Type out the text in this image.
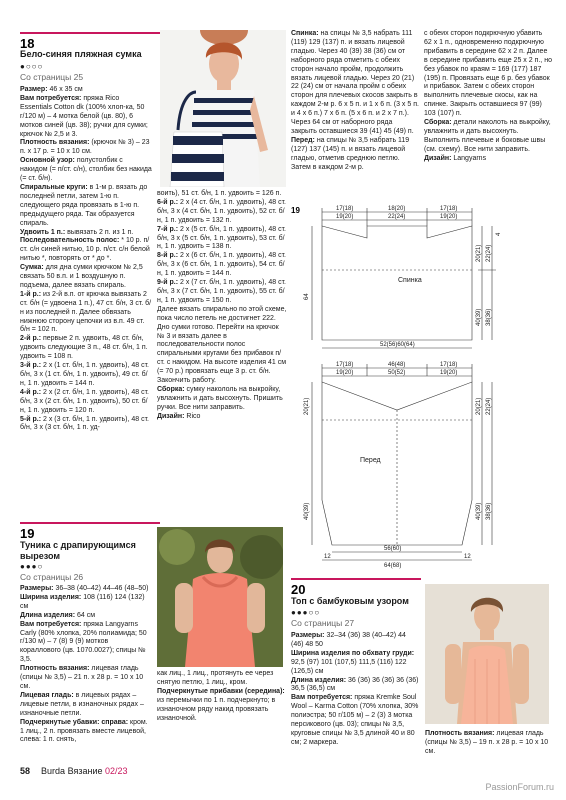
18
Бело-синяя пляжная сумка
●○○○
Со страницы 25
Размер: 46 х 35 см
Вам потребуется: пряжа Rico Essentials Cotton dk (100% хлоп-ка, 50 г/120 м) – 4 мотка белой (цв. 80), 6 мотков синей (цв. 38); ручки для сумки; крючок № 2,5 и 3.
Плотность вязания: (крючок № 3) – 23 п. х 17 р. = 10 х 10 см.
Основной узор: полустолбик с накидом (= п/ст. с/н), столбик без накида (= ст. б/н).
Спиральные круги: в 1-м р. вязать до последней петли, затем 1-ю п. следующего ряда провязать в 1-ю п. предыдущего ряда. Так образуется спираль.
Удвоить 1 п.: вывязать 2 п. из 1 п.
Последовательность полос: * 10 р. п/ст. с/н синей нитью, 10 р. п/ст. с/н белой нитью *, повторять от * до *.
Сумка: для дна сумки крючком № 2,5 связать 50 в.п. и 1 воздушную п. подъема, далее вязать спираль.
1-й р.: из 2-й в.п. от крючка вывязать 2 ст. б/н (= удвоена 1 п.), 47 ст. б/н, 3 ст. б/н из последней п. Далее обвязать нижнюю сторону цепочки из в.п. 49 ст. б/н = 102 п.
2-й р.: первые 2 п. удвоить, 48 ст. б/н, удвоить следующие 3 п., 48 ст. б/н, 1 п. удвоить = 108 п.
3-й р.: 2 х (1 ст. б/н, 1 п. удвоить), 48 ст. б/н, 3 х (1 ст. б/н, 1 п. удвоить), 49 ст. б/н, 1 п. удвоить = 144 п.
4-й р.: 2 х (2 ст. б/н, 1 п. удвоить), 48 ст. б/н, 3 х (2 ст. б/н, 1 п. удвоить), 50 ст. б/н, 1 п. удвоить = 120 п.
5-й р.: 2 х (3 ст. б/н, 1 п. удвоить), 48 ст. б/н, 3 х (3 ст. б/н, 1 п. уд-
воить), 51 ст. б/н, 1 п. удвоить = 126 п.
6-й р.: 2 х (4 ст. б/н, 1 п. удвоить), 48 ст. б/н, 3 х (4 ст. б/н, 1 п. удвоить), 52 ст. б/н, 1 п. удвоить = 132 п.
7-й р.: 2 х (5 ст. б/н, 1 п. удвоить), 48 ст. б/н, 3 х (5 ст. б/н, 1 п. удвоить), 53 ст. б/н, 1 п. удвоить = 138 п.
8-й р.: 2 х (6 ст. б/н, 1 п. удвоить), 48 ст. б/н, 3 х (6 ст. б/н, 1 п. удвоить), 54 ст. б/н, 1 п. удвоить = 144 п.
9-й р.: 2 х (7 ст. б/н, 1 п. удвоить), 48 ст. б/н, 3 х (7 ст. б/н, 1 п. удвоить), 55 ст. б/н, 1 п. удвоить = 150 п.
Далее вязать спирально по этой схеме, пока число петель не достигнет 222. Дно сумки готово. Перейти на крючок № 3 и вязать далее в последовательности полос спиральными кругами без прибавок п/ст. с накидом. На высоте изделия 41 см (= 70 р.) провязать еще 3 р. ст. б/н. Закончить работу.
Сборка: сумку накололь на выкройку, увлажнить и дать высохнуть. Пришить ручки. Все нити заправить.
Дизайн: Rico
Спинка: на спицы № 3,5 набрать 111 (119) 129 (137) п. и вязать лицевой гладью. Через 40 (39) 38 (36) см от наборного ряда отметить с обеих сторон начало пройм, продолжить вязать лицевой гладью. Через 20 (21) 22 (24) см от начала пройм с обеих сторон для плечевых скосов закрыть в каждом 2-м р. 6 х 5 п. и 1 х 6 п. (3 х 5 п. и 4 х 6 п.) 7 х 6 п. (5 х 6 п. и 2 х 7 п.). Через 64 см от наборного ряда закрыть оставшиеся 39 (41) 45 (49) п.
Перед: на спицы № 3,5 набрать 119 (127) 137 (145) п. и вязать лицевой гладью, отметив среднюю петлю. Затем в каждом 2-м р.
с обеих сторон подкрючную убавить 62 х 1 п., одновременно подкрючную прибавить в середине 62 х 2 п. Далее в середине прибавить еще 25 х 2 п., но без убавок по краям = 169 (177) 187 (195) п. Провязать еще 6 р. без убавок и прибавок. Затем с обеих сторон выполнить плечевые скосы, как на спинке. Закрыть оставшиеся 97 (99) 103 (107) п.
Сборка: детали наколоть на выкройку, увлажнить и дать высохнуть. Выполнить плечевые и боковые швы (см. схему). Все нити заправить.
Дизайн: Langyarns
19	17(18)	18(20)	17(18)
19(20)	22(24)	19(20)
Спинка
52(56)60(64)
64
20(21) 22(24)
40(39) 38(36)
4
17(18)	46(48)	17(18)
19(20)	50(52)	19(20)
Перед
56(60)
64(68)
12	12
20(21) 22(24)
20(21)
40(39) 38(36)
40(39)
19
Туника с драпирующимся вырезом
●●●○
Со страницы 26
Размеры: 36–38 (40–42) 44–46 (48–50)
Ширина изделия: 108 (116) 124 (132) см
Длина изделия: 64 см
Вам потребуется: пряжа Langyarns Carly (80% хлопка, 20% полиамида; 50 г/130 м) – 7 (8) 9 (9) мотков кораллового (цв. 1070.0027); спицы № 3,5.
Плотность вязания: лицевая гладь (спицы № 3,5) – 21 п. х 28 р. = 10 х 10 см.
Лицевая гладь: в лицевых рядах – лицевые петли, в изнаночных рядах – изнаночные петли.
Подчеркнутые убавки: справа: кром. 1 лиц., 2 п. провязать вместе лицевой, слева: 1 п. снять,
как лиц., 1 лиц., протянуть ее через снятую петлю, 1 лиц., кром.
Подчеркнутые прибавки (середина): из перемычки по 1 п. подчеркнуто; в изнаночном ряду накид провязать изнаночной.
20
Топ с бамбуковым узором
●●●○○
Со страницы 27
Размеры: 32–34 (36) 38 (40–42) 44 (46) 48 50
Ширина изделия по обхвату груди: 92,5 (97) 101 (107,5) 111,5 (116) 122 (126,5) см
Длина изделия: 36 (36) 36 (36) 36 (36) 36,5 (36,5) см
Вам потребуется: пряжа Kremke Soul Wool – Karma Cotton (70% хлопка, 30% полиэстра; 50 г/105 м) – 2 (3) 3 мотка персикового (цв. 03); спицы № 3,5, круговые спицы № 3,5 длиной 40 и 80 см; 2 маркера.
Плотность вязания: лицевая гладь (спицы № 3,5) – 19 п. х 28 р. = 10 х 10 см.
58 Burda Вязание 02/23
PassionForum.ru
